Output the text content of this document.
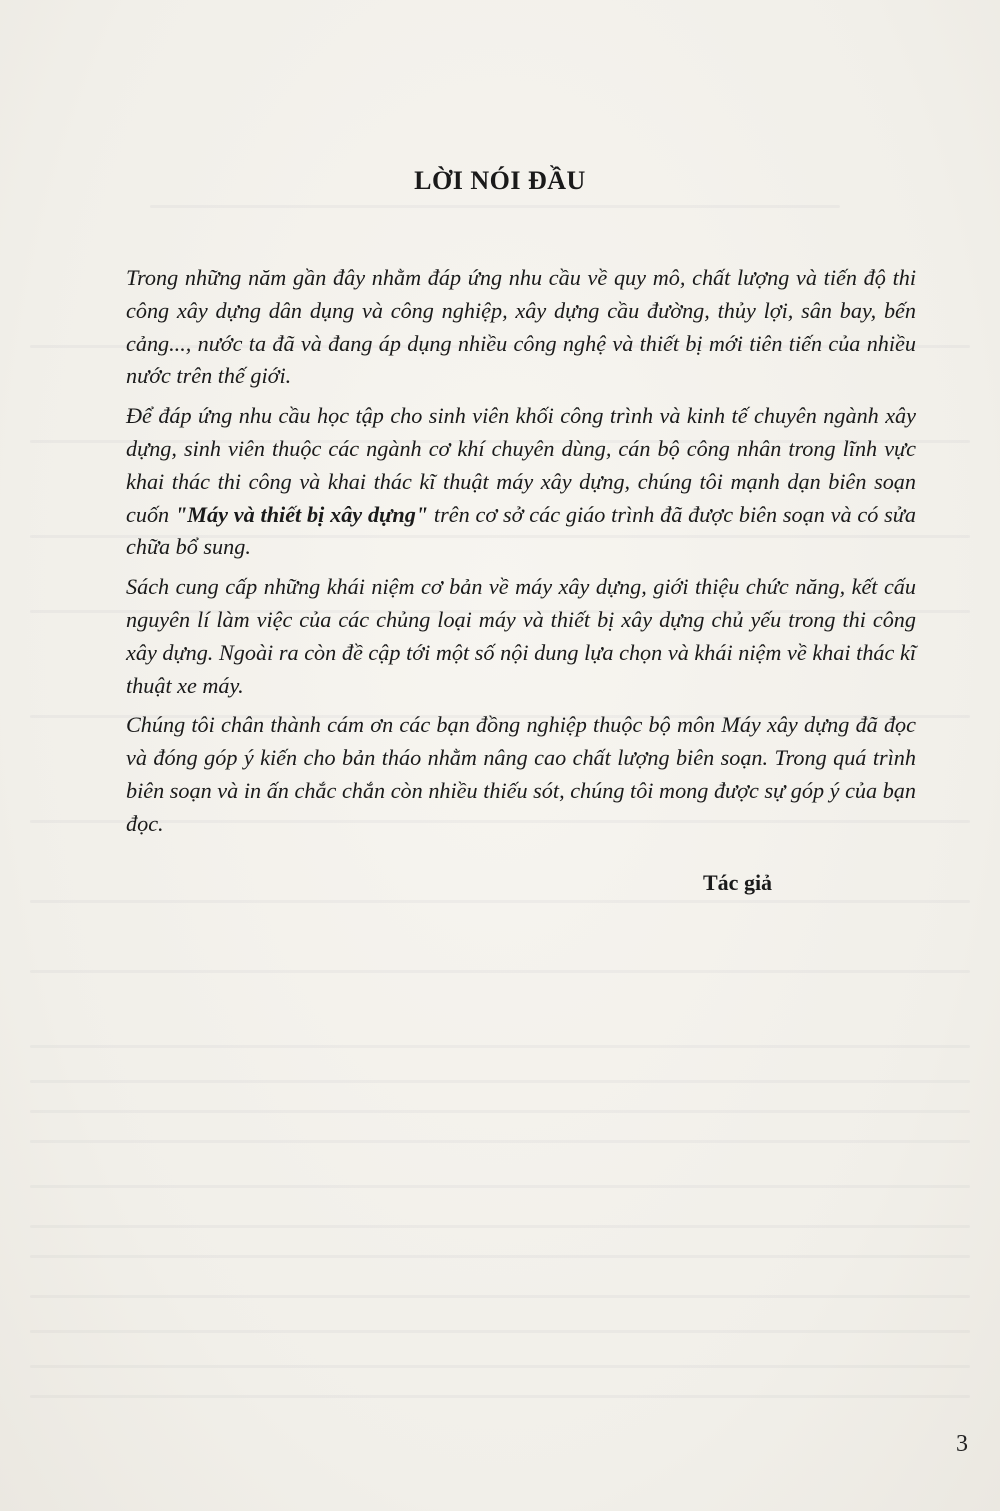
LỜI NÓI ĐẦU

Trong những năm gần đây nhằm đáp ứng nhu cầu về quy mô, chất lượng và tiến độ thi công xây dựng dân dụng và công nghiệp, xây dựng cầu đường, thủy lợi, sân bay, bến cảng..., nước ta đã và đang áp dụng nhiều công nghệ và thiết bị mới tiên tiến của nhiều nước trên thế giới.

Để đáp ứng nhu cầu học tập cho sinh viên khối công trình và kinh tế chuyên ngành xây dựng, sinh viên thuộc các ngành cơ khí chuyên dùng, cán bộ công nhân trong lĩnh vực khai thác thi công và khai thác kĩ thuật máy xây dựng, chúng tôi mạnh dạn biên soạn cuốn "Máy và thiết bị xây dựng" trên cơ sở các giáo trình đã được biên soạn và có sửa chữa bổ sung.

Sách cung cấp những khái niệm cơ bản về máy xây dựng, giới thiệu chức năng, kết cấu nguyên lí làm việc của các chủng loại máy và thiết bị xây dựng chủ yếu trong thi công xây dựng. Ngoài ra còn đề cập tới một số nội dung lựa chọn và khái niệm về khai thác kĩ thuật xe máy.

Chúng tôi chân thành cám ơn các bạn đồng nghiệp thuộc bộ môn Máy xây dựng đã đọc và đóng góp ý kiến cho bản tháo nhằm nâng cao chất lượng biên soạn. Trong quá trình biên soạn và in ấn chắc chắn còn nhiều thiếu sót, chúng tôi mong được sự góp ý của bạn đọc.

Tác giả
3
